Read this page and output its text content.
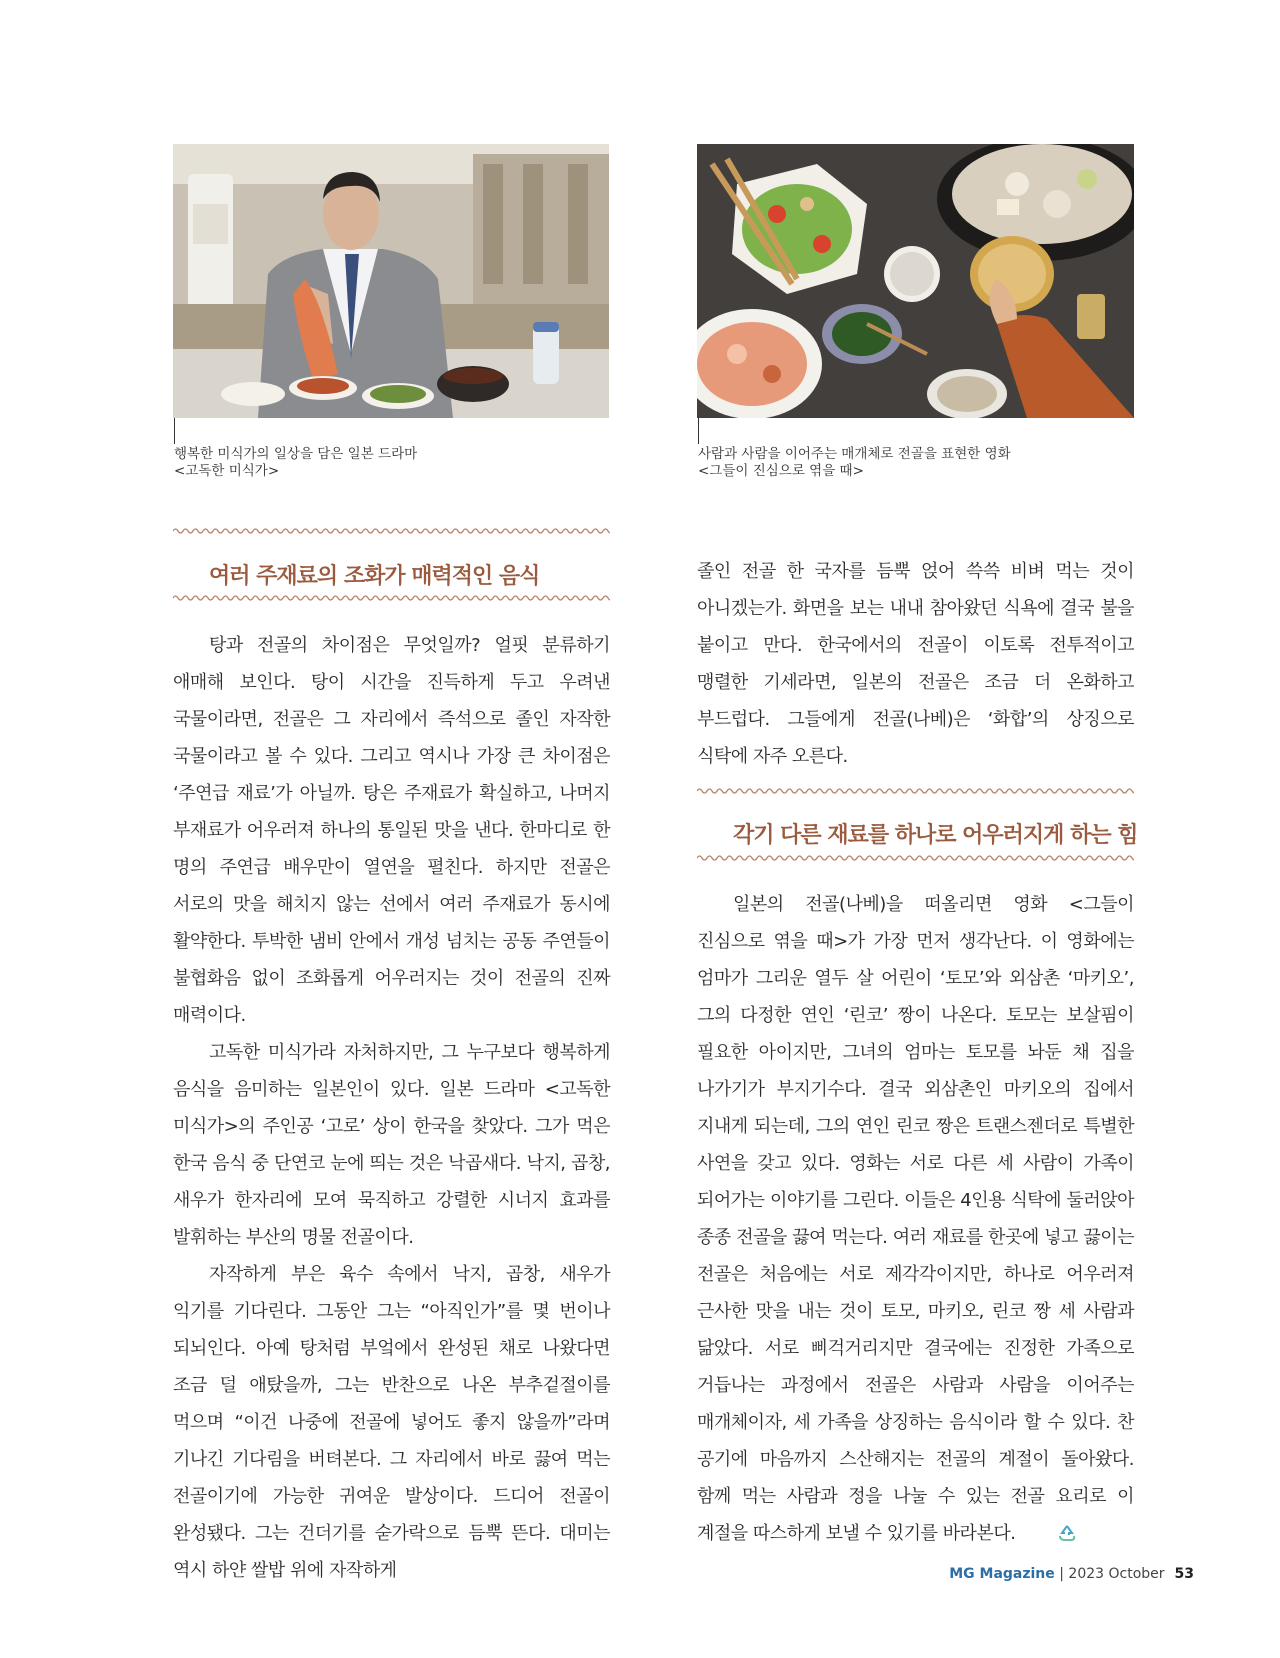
행복한 미식가의 일상을 담은 일본 드라마
<고독한 미식가>
사람과 사람을 이어주는 매개체로 전골을 표현한 영화
<그들이 진심으로 엮을 때>
여러 주재료의 조화가 매력적인 음식
각기 다른 재료를 하나로 어우러지게 하는 힘

탕과 전골의 차이점은 무엇일까? 얼핏 분류하기 애매해 보인다. 탕이 시간을 진득하게 두고 우려낸 국물이라면, 전골은 그 자리에서 즉석으로 졸인 자작한 국물이라고 볼 수 있다. 그리고 역시나 가장 큰 차이점은 ‘주연급 재료’가 아닐까. 탕은 주재료가 확실하고, 나머지 부재료가 어우러져 하나의 통일된 맛을 낸다. 한마디로 한 명의 주연급 배우만이 열연을 펼친다. 하지만 전골은 서로의 맛을 해치지 않는 선에서 여러 주재료가 동시에 활약한다. 투박한 냄비 안에서 개성 넘치는 공동 주연들이 불협화음 없이 조화롭게 어우러지는 것이 전골의 진짜 매력이다.

고독한 미식가라 자처하지만, 그 누구보다 행복하게 음식을 음미하는 일본인이 있다. 일본 드라마 <고독한 미식가>의 주인공 ‘고로’ 상이 한국을 찾았다. 그가 먹은 한국 음식 중 단연코 눈에 띄는 것은 낙곱새다. 낙지, 곱창, 새우가 한자리에 모여 묵직하고 강렬한 시너지 효과를 발휘하는 부산의 명물 전골이다.

자작하게 부은 육수 속에서 낙지, 곱창, 새우가 익기를 기다린다. 그동안 그는 “아직인가”를 몇 번이나 되뇌인다. 아예 탕처럼 부엌에서 완성된 채로 나왔다면 조금 덜 애탔을까, 그는 반찬으로 나온 부추겉절이를 먹으며 “이건 나중에 전골에 넣어도 좋지 않을까”라며 기나긴 기다림을 버텨본다. 그 자리에서 바로 끓여 먹는 전골이기에 가능한 귀여운 발상이다. 드디어 전골이 완성됐다. 그는 건더기를 숟가락으로 듬뿍 뜬다. 대미는 역시 하얀 쌀밥 위에 자작하게

졸인 전골 한 국자를 듬뿍 얹어 쓱쓱 비벼 먹는 것이 아니겠는가. 화면을 보는 내내 참아왔던 식욕에 결국 불을 붙이고 만다. 한국에서의 전골이 이토록 전투적이고 맹렬한 기세라면, 일본의 전골은 조금 더 온화하고 부드럽다. 그들에게 전골(나베)은 ‘화합’의 상징으로 식탁에 자주 오른다.

일본의 전골(나베)을 떠올리면 영화 <그들이 진심으로 엮을 때>가 가장 먼저 생각난다. 이 영화에는 엄마가 그리운 열두 살 어린이 ‘토모’와 외삼촌 ‘마키오’, 그의 다정한 연인 ‘린코’ 짱이 나온다. 토모는 보살핌이 필요한 아이지만, 그녀의 엄마는 토모를 놔둔 채 집을 나가기가 부지기수다. 결국 외삼촌인 마키오의 집에서 지내게 되는데, 그의 연인 린코 짱은 트랜스젠더로 특별한 사연을 갖고 있다. 영화는 서로 다른 세 사람이 가족이 되어가는 이야기를 그린다. 이들은 4인용 식탁에 둘러앉아 종종 전골을 끓여 먹는다. 여러 재료를 한곳에 넣고 끓이는 전골은 처음에는 서로 제각각이지만, 하나로 어우러져 근사한 맛을 내는 것이 토모, 마키오, 린코 짱 세 사람과 닮았다. 서로 삐걱거리지만 결국에는 진정한 가족으로 거듭나는 과정에서 전골은 사람과 사람을 이어주는 매개체이자, 세 가족을 상징하는 음식이라 할 수 있다. 찬 공기에 마음까지 스산해지는 전골의 계절이 돌아왔다. 함께 먹는 사람과 정을 나눌 수 있는 전골 요리로 이 계절을 따스하게 보낼 수 있기를 바라본다.

MG Magazine | 2023 October 53
